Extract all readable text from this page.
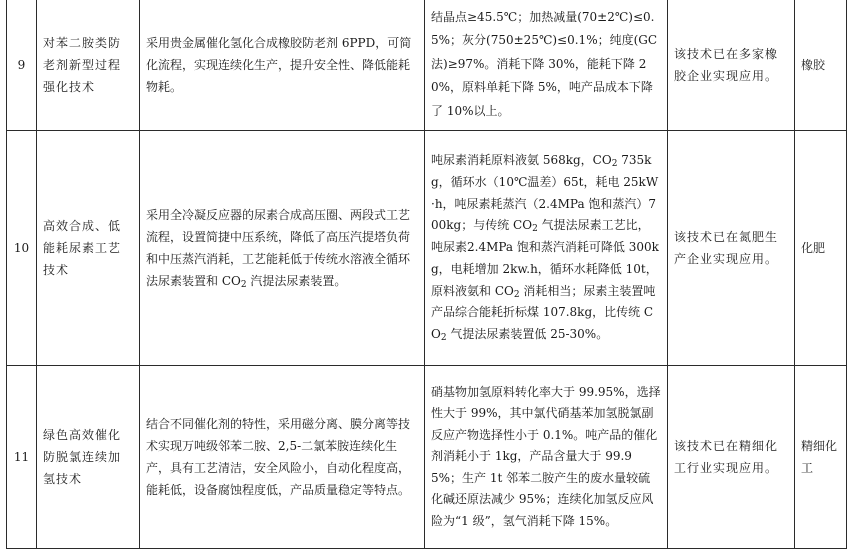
9	对苯二胺类防老剂新型过程强化技术	采用贵金属催化氢化合成橡胶防老剂 6PPD，可简化流程，实现连续化生产，提升安全性、降低能耗物耗。	结晶点≥45.5℃；加热减量(70±2℃)≤0.5%；灰分(750±25℃)≤0.1%；纯度(GC法)≥97%。消耗下降 30%，能耗下降 20%，原料单耗下降 5%，吨产品成本下降了 10%以上。	该技术已在多家橡胶企业实现应用。	橡胶
10	高效合成、低能耗尿素工艺技术	采用全冷凝反应器的尿素合成高压圈、两段式工艺流程，设置简捷中压系统，降低了高压汽提塔负荷和中压蒸汽消耗，工艺能耗低于传统水溶液全循环法尿素装置和 $CO_2$ 汽提法尿素装置。	吨尿素消耗原料液氨 568kg，$CO_2$ 735kg，循环水（10℃温差）65t，耗电 25kW·h，吨尿素耗蒸汽（2.4MPa 饱和蒸汽）700kg；与传统 $CO_2$ 气提法尿素工艺比，吨尿素2.4MPa 饱和蒸汽消耗可降低 300kg，电耗增加 2kw.h，循环水耗降低 10t，原料液氨和 $CO_2$ 消耗相当；尿素主装置吨产品综合能耗折标煤 107.8kg，比传统 $CO_2$ 气提法尿素装置低 25-30%。	该技术已在氮肥生产企业实现应用。	化肥
11	绿色高效催化防脱氯连续加氢技术	结合不同催化剂的特性，采用磁分离、膜分离等技术实现万吨级邻苯二胺、2,5-二氯苯胺连续化生产，具有工艺清洁，安全风险小，自动化程度高，能耗低，设备腐蚀程度低，产品质量稳定等特点。	硝基物加氢原料转化率大于 99.95%，选择性大于 99%，其中氯代硝基苯加氢脱氯副反应产物选择性小于 0.1%。吨产品的催化剂消耗小于 1kg，产品含量大于 99.95%；生产 1t 邻苯二胺产生的废水量较硫化碱还原法减少 95%；连续化加氢反应风险为“1 级”，氢气消耗下降 15%。	该技术已在精细化工行业实现应用。	精细化工
